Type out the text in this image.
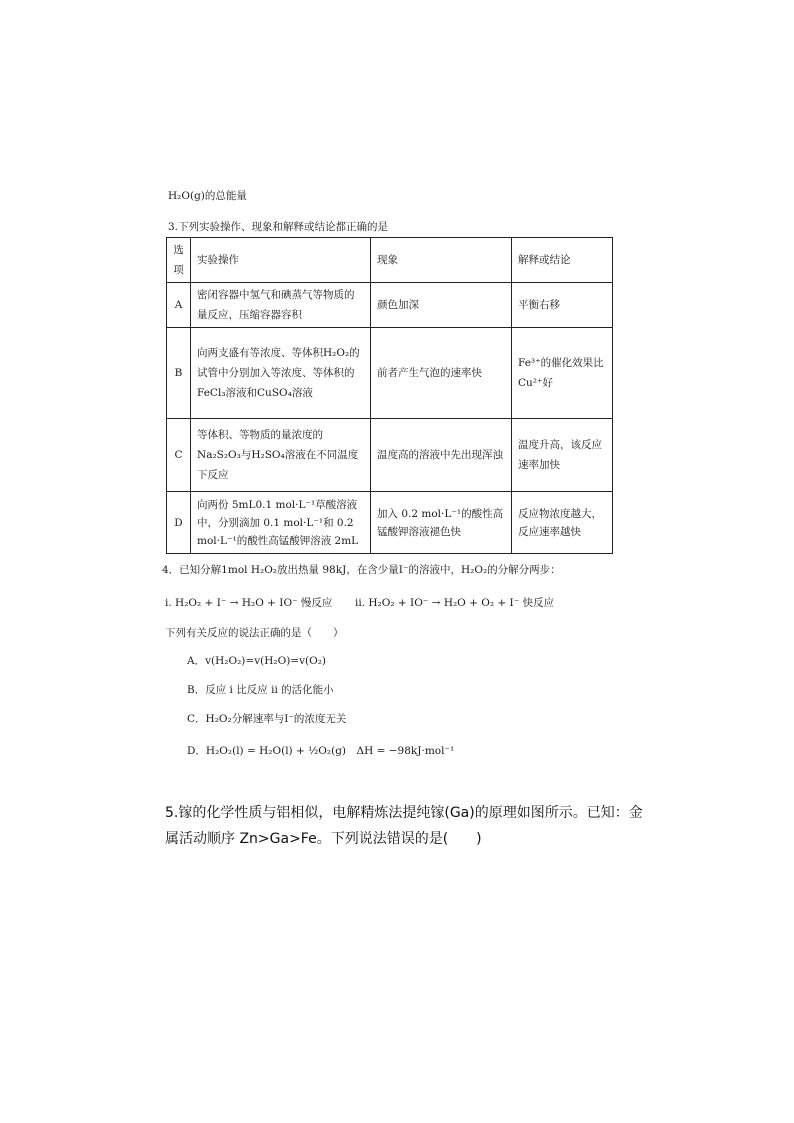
H₂O(g)的总能量
3.下列实验操作、现象和解释或结论都正确的是
选
项	实验操作	现象	解释或结论
A	密闭容器中氢气和碘蒸气等物质的量反应，压缩容器容积	颜色加深	平衡右移
B	向两支盛有等浓度、等体积H₂O₂的试管中分别加入等浓度、等体积的FeCl₃溶液和CuSO₄溶液	前者产生气泡的速率快	Fe³⁺的催化效果比Cu²⁺好
C	等体积、等物质的量浓度的Na₂S₂O₃与H₂SO₄溶液在不同温度下反应	温度高的溶液中先出现浑浊	温度升高，该反应速率加快
D	向两份 5mL0.1 mol·L⁻¹草酸溶液中，分别滴加 0.1 mol·L⁻¹和 0.2 mol·L⁻¹的酸性高锰酸钾溶液 2mL	加入 0.2 mol·L⁻¹的酸性高锰酸钾溶液褪色快	反应物浓度越大，反应速率越快
4．已知分解1mol H₂O₂放出热量 98kJ，在含少量I⁻的溶液中，H₂O₂的分解分两步：
i. H₂O₂ + I⁻ → H₂O + IO⁻ 慢反应 ii. H₂O₂ + IO⁻ → H₂O + O₂ + I⁻ 快反应
下列有关反应的说法正确的是（　　）
A．v(H₂O₂)=v(H₂O)=v(O₂)
B．反应 i 比反应 ii 的活化能小
C．H₂O₂分解速率与I⁻的浓度无关
D．H₂O₂(l) = H₂O(l) + ½O₂(g)　ΔH = −98kJ·mol⁻¹
5.镓的化学性质与铝相似，电解精炼法提纯镓(Ga)的原理如图所示。已知：金属活动顺序 Zn>Ga>Fe。下列说法错误的是(　　)
